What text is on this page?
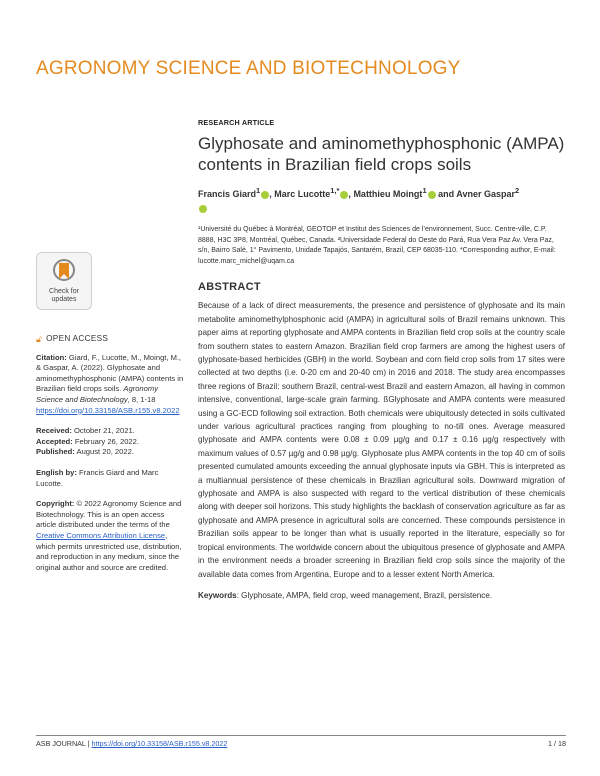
AGRONOMY SCIENCE AND BIOTECHNOLOGY
Check for updates
🔓︎ OPEN ACCESS
Citation: Giard, F., Lucotte, M., Moingt, M., & Gaspar, A. (2022). Glyphosate and aminomethyphosphonic (AMPA) contents in Brazilian field crops soils. Agronomy Science and Biotechnology, 8, 1-18
https://doi.org/10.33158/ASB.r155.v8.2022
Received: October 21, 2021.
Accepted: February 26, 2022.
Published: August 20, 2022.
English by: Francis Giard and Marc Lucotte.
Copyright: © 2022 Agronomy Science and Biotechnology. This is an open access article distributed under the terms of the Creative Commons Attribution License, which permits unrestricted use, distribution, and reproduction in any medium, since the original author and source are credited.
RESEARCH ARTICLE
Glyphosate and aminomethyphosphonic (AMPA) contents in Brazilian field crops soils
Francis Giard$^1$ , Marc Lucotte$^{1,*}$ , Matthieu Moingt$^1$ and Avner Gaspar$^2$

¹Université du Québec à Montréal, GEOTOP et Institut des Sciences de l’environnement, Succ. Centre-ville, C.P. 8888, H3C 3P8, Montréal, Québec, Canada. ²Universidade Federal do Oeste do Pará, Rua Vera Paz Av. Vera Paz, s/n, Bairro Salé, 1° Pavimento, Unidade Tapajós, Santarém, Brazil, CEP 68035-110. *Corresponding author, E-mail: lucotte.marc_michel@uqam.ca
ABSTRACT
Because of a lack of direct measurements, the presence and persistence of glyphosate and its main metabolite aminomethylphosphonic acid (AMPA) in agricultural soils of Brazil remains unknown. This paper aims at reporting glyphosate and AMPA contents in Brazilian field crop soils at the country scale from southern states to eastern Amazon. Brazilian field crop farmers are among the highest users of glyphosate-based herbicides (GBH) in the world. Soybean and corn field crop soils from 17 sites were collected at two depths (i.e. 0-20 cm and 20-40 cm) in 2016 and 2018. The study area encompasses three regions of Brazil: southern Brazil, central-west Brazil and eastern Amazon, all having in common intensive, conventional, large-scale grain farming. ßGlyphosate and AMPA contents were measured using a GC-ECD following soil extraction. Both chemicals were ubiquitously detected in soils cultivated under various agricultural practices ranging from ploughing to no-till ones. Average measured glyphosate and AMPA contents were 0.08 ± 0.09 µg/g and 0.17 ± 0.16 µg/g respectively with maximum values of 0.57 µg/g and 0.98 µg/g. Glyphosate plus AMPA contents in the top 40 cm of soils presented cumulated amounts exceeding the annual glyphosate inputs via GBH. This is interpreted as a multiannual persistence of these chemicals in Brazilian agricultural soils. Downward migration of glyphosate and AMPA is also suspected with regard to the vertical distribution of these chemicals along with deeper soil horizons. This study highlights the backlash of conservation agriculture as far as glyphosate and AMPA presence in agricultural soils are concerned. These compounds persistence in Brazilian soils appear to be longer than what is usually reported in the literature, especially so for tropical environments. The worldwide concern about the ubiquitous presence of glyphosate and AMPA in the environment needs a broader screening in Brazilian field crop soils since the majority of the available data comes from Argentina, Europe and to a lesser extent North America.
Keywords: Glyphosate, AMPA, field crop, weed management, Brazil, persistence.
ASB JOURNAL | https://doi.org/10.33158/ASB.r155.v8.2022	1 / 18
